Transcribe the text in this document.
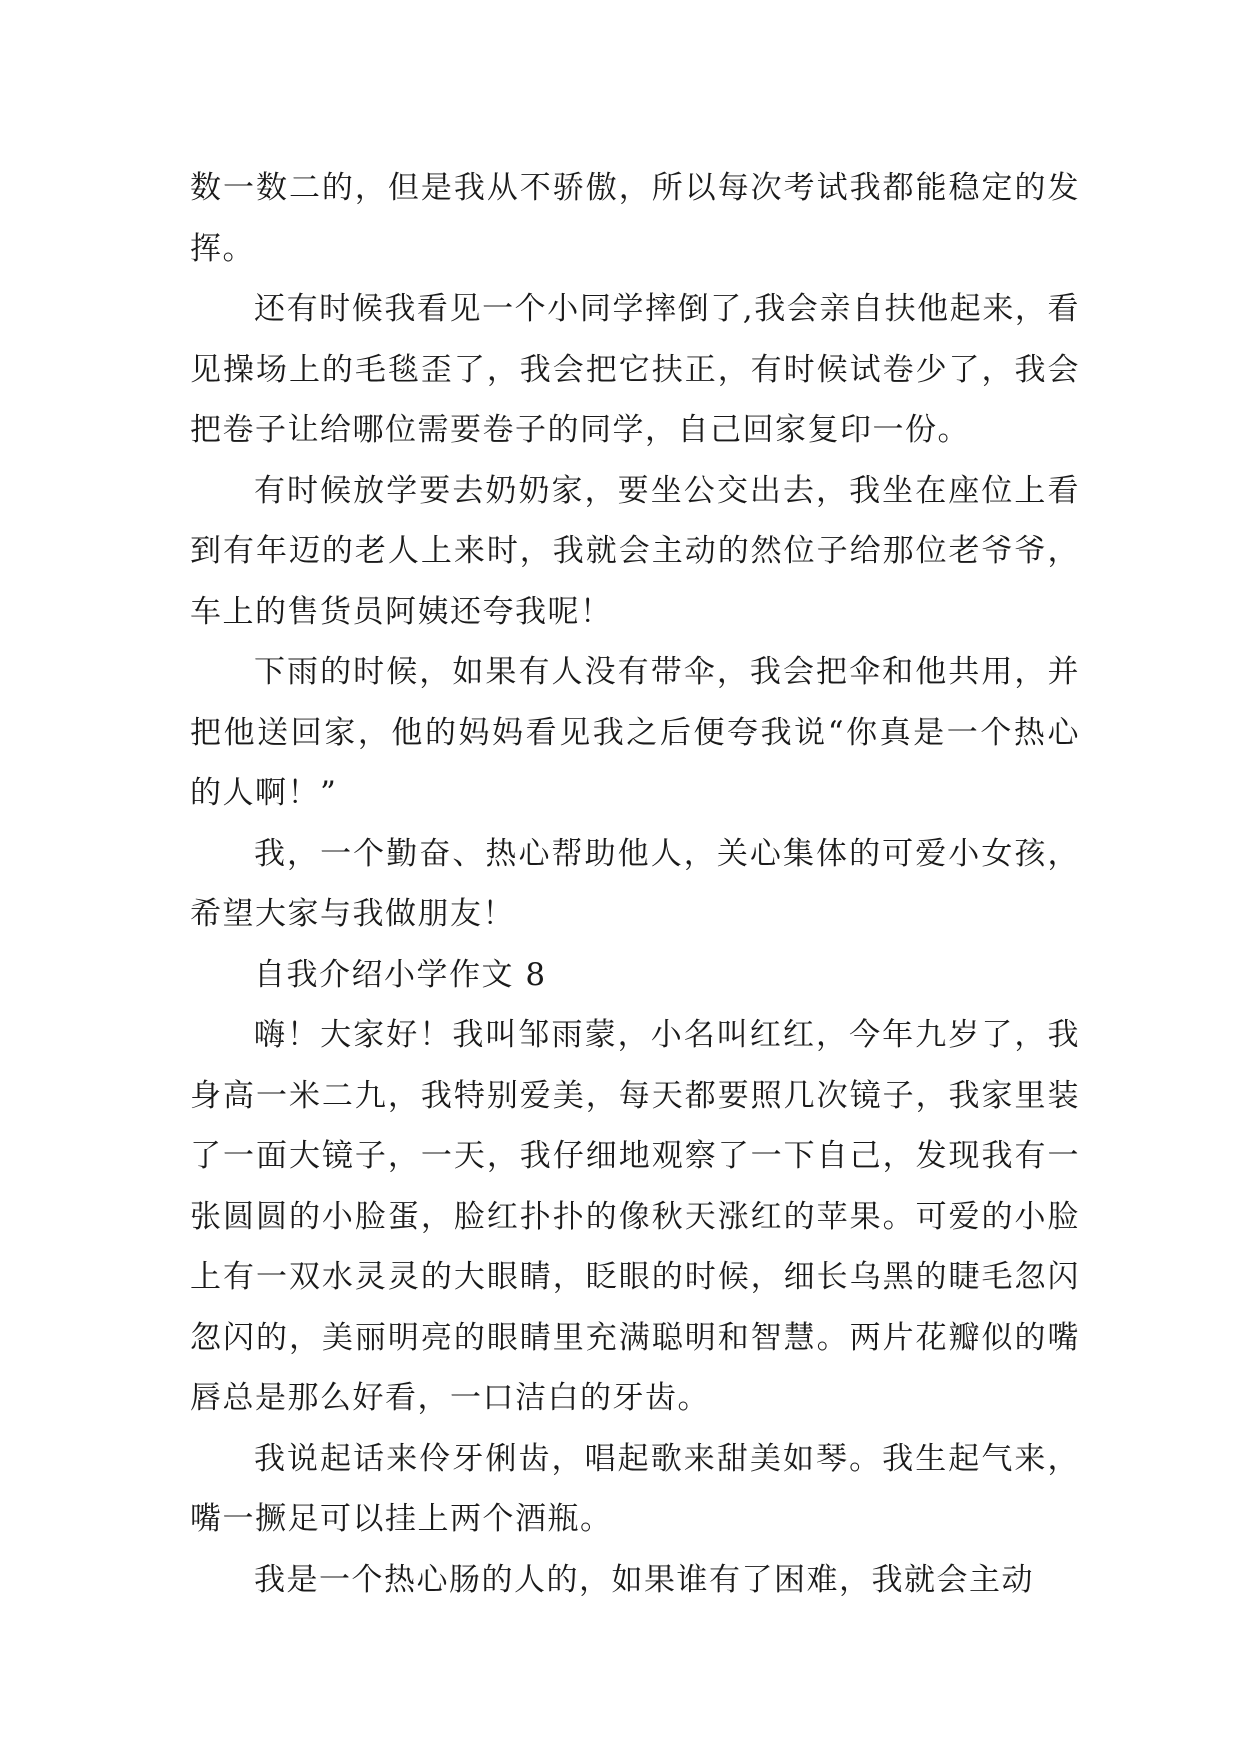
数一数二的，但是我从不骄傲，所以每次考试我都能稳定的发挥。

还有时候我看见一个小同学摔倒了,我会亲自扶他起来，看见操场上的毛毯歪了，我会把它扶正，有时候试卷少了，我会把卷子让给哪位需要卷子的同学，自己回家复印一份。

有时候放学要去奶奶家，要坐公交出去，我坐在座位上看到有年迈的老人上来时，我就会主动的然位子给那位老爷爷，车上的售货员阿姨还夸我呢！

下雨的时候，如果有人没有带伞，我会把伞和他共用，并把他送回家，他的妈妈看见我之后便夸我说“你真是一个热心的人啊！”

我，一个勤奋、热心帮助他人，关心集体的可爱小女孩，希望大家与我做朋友！

自我介绍小学作文 8

嗨！大家好！我叫邹雨蒙，小名叫红红，今年九岁了，我身高一米二九，我特别爱美，每天都要照几次镜子，我家里装了一面大镜子，一天，我仔细地观察了一下自己，发现我有一张圆圆的小脸蛋，脸红扑扑的像秋天涨红的苹果。可爱的小脸上有一双水灵灵的大眼睛，眨眼的时候，细长乌黑的睫毛忽闪忽闪的，美丽明亮的眼睛里充满聪明和智慧。两片花瓣似的嘴唇总是那么好看，一口洁白的牙齿。

我说起话来伶牙俐齿，唱起歌来甜美如琴。我生起气来，嘴一撅足可以挂上两个酒瓶。

我是一个热心肠的人的，如果谁有了困难，我就会主动
